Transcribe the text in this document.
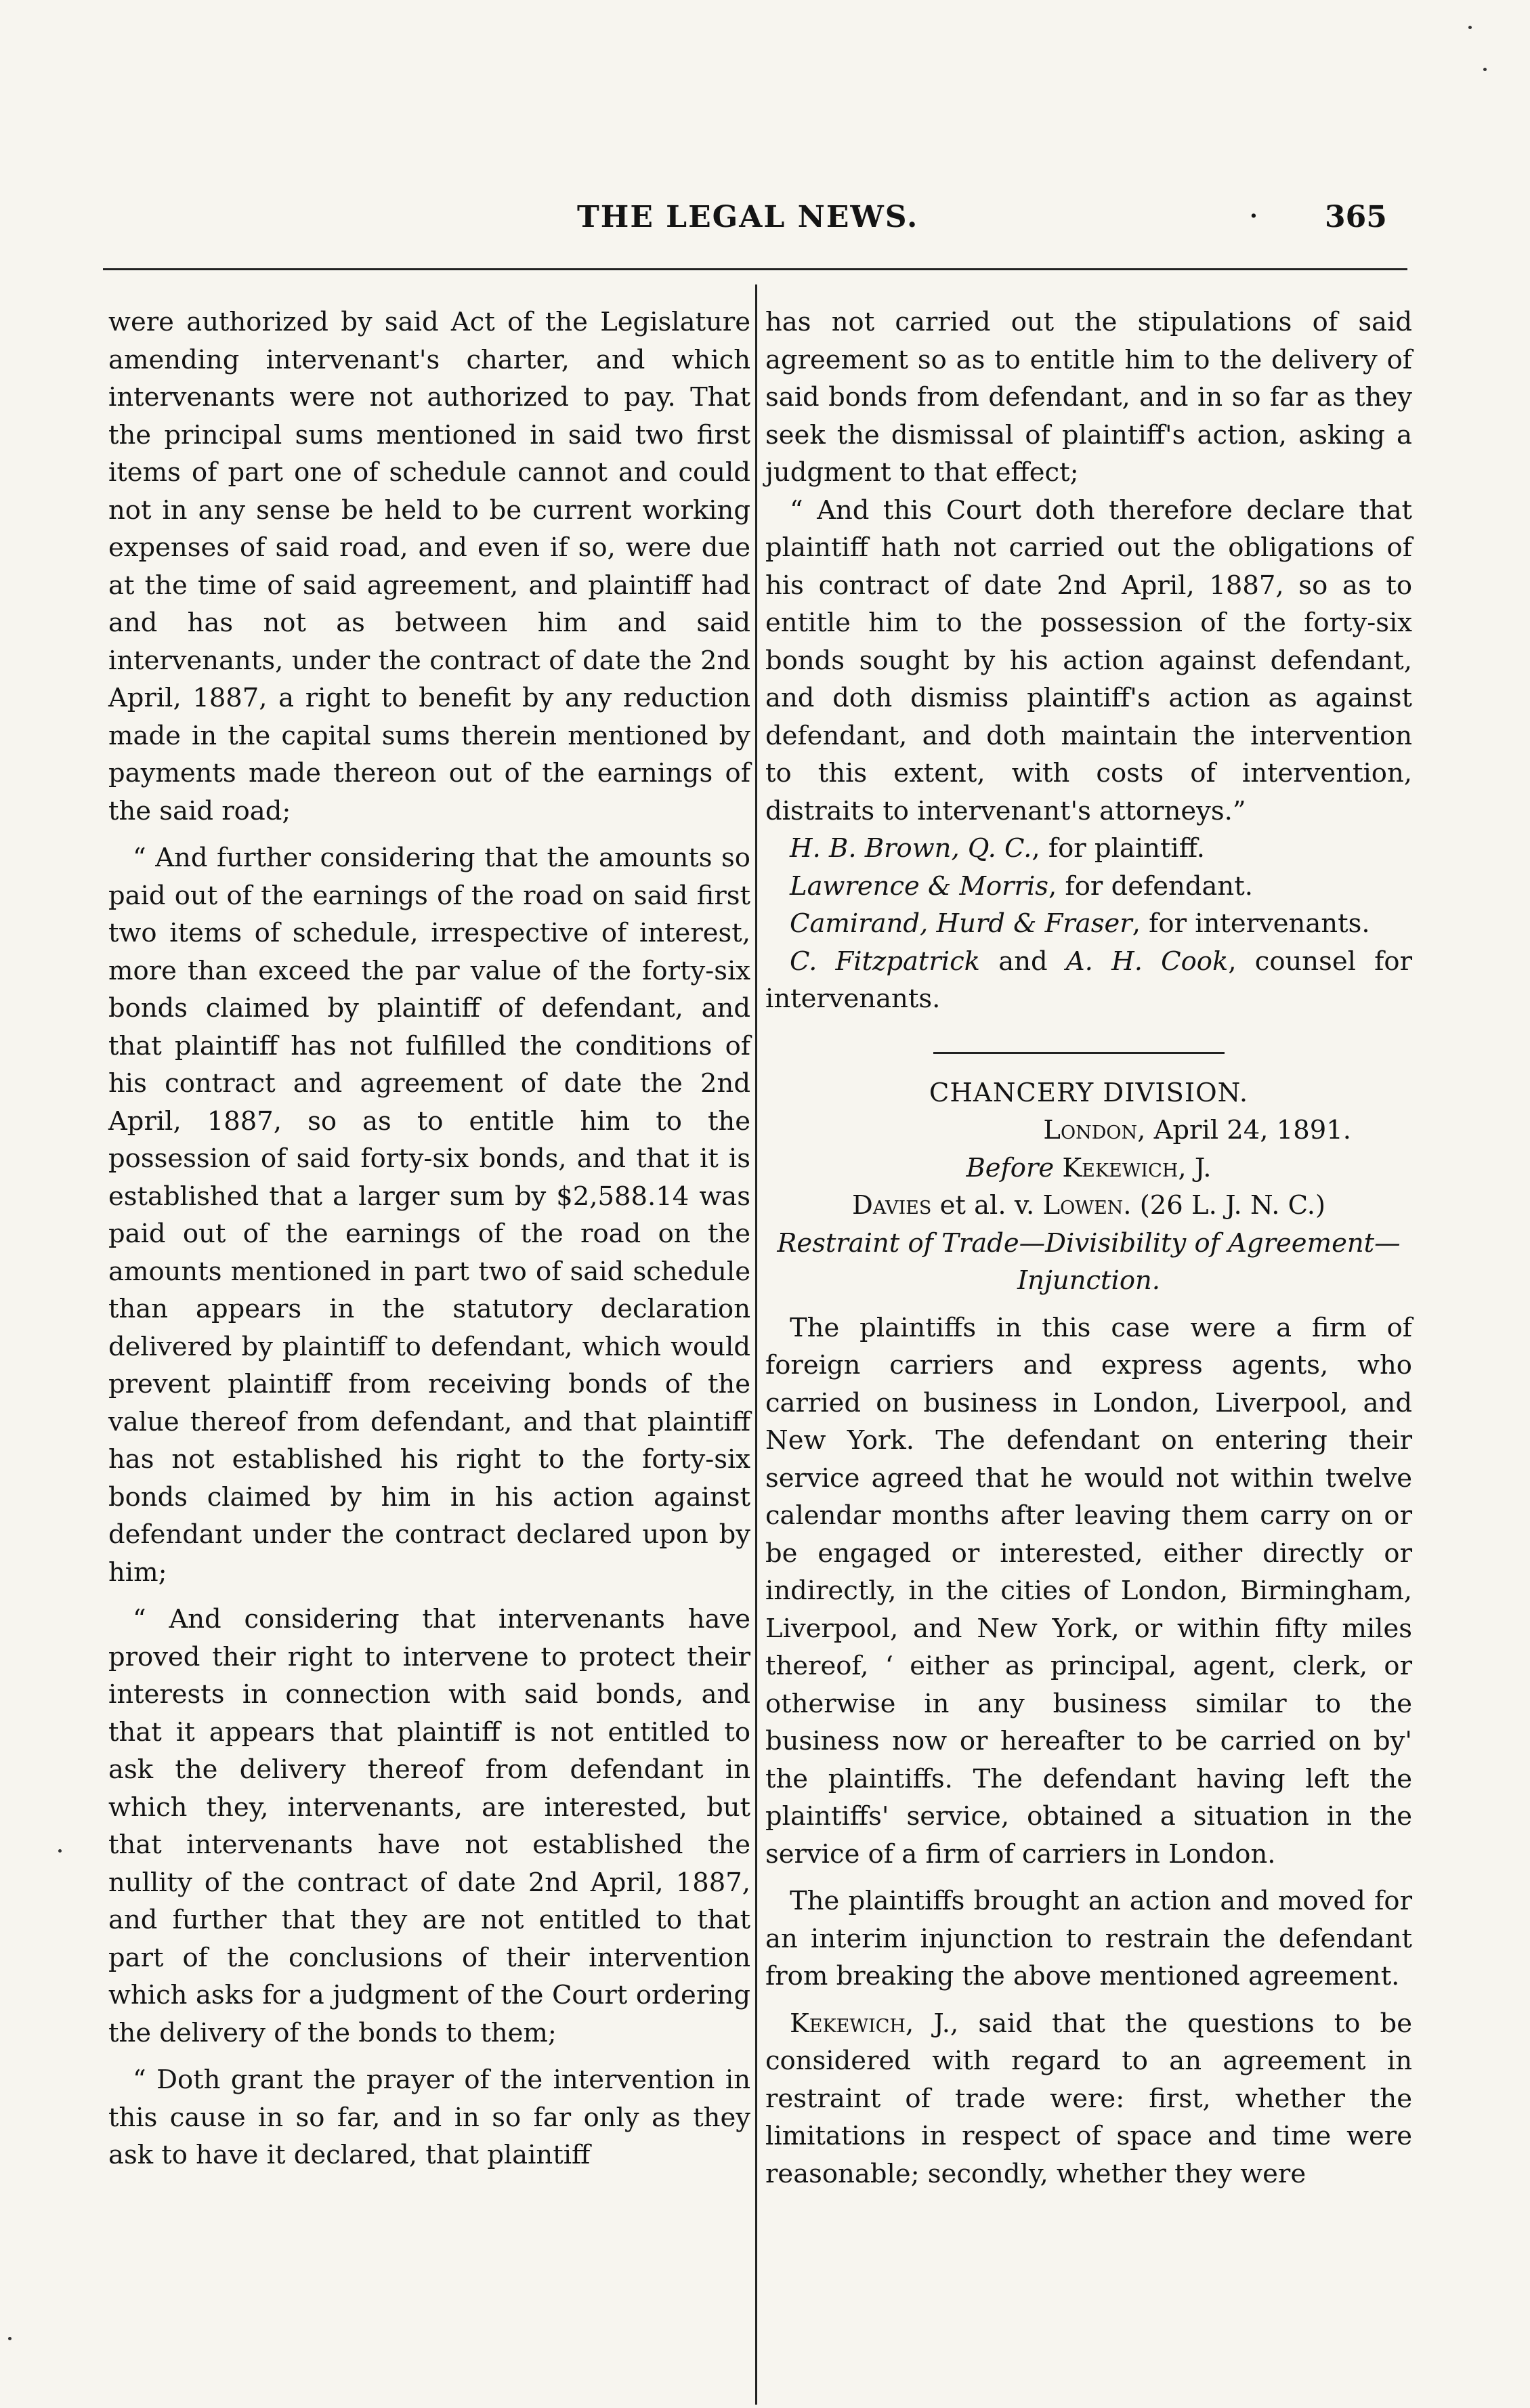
THE LEGAL NEWS.	· 365

were authorized by said Act of the Legislature amending intervenant's charter, and which intervenants were not authorized to pay. That the principal sums mentioned in said two first items of part one of schedule cannot and could not in any sense be held to be current working expenses of said road, and even if so, were due at the time of said agreement, and plaintiff had and has not as between him and said intervenants, under the contract of date the 2nd April, 1887, a right to benefit by any reduction made in the capital sums therein mentioned by payments made thereon out of the earnings of the said road;

“ And further considering that the amounts so paid out of the earnings of the road on said first two items of schedule, irrespective of interest, more than exceed the par value of the forty-six bonds claimed by plaintiff of defendant, and that plaintiff has not fulfilled the conditions of his contract and agreement of date the 2nd April, 1887, so as to entitle him to the possession of said forty-six bonds, and that it is established that a larger sum by $2,588.14 was paid out of the earnings of the road on the amounts mentioned in part two of said schedule than appears in the statutory declaration delivered by plaintiff to defendant, which would prevent plaintiff from receiving bonds of the value thereof from defendant, and that plaintiff has not established his right to the forty-six bonds claimed by him in his action against defendant under the contract declared upon by him;

“ And considering that intervenants have proved their right to intervene to protect their interests in connection with said bonds, and that it appears that plaintiff is not entitled to ask the delivery thereof from defendant in which they, intervenants, are interested, but that intervenants have not established the nullity of the contract of date 2nd April, 1887, and further that they are not entitled to that part of the conclusions of their intervention which asks for a judgment of the Court ordering the delivery of the bonds to them;

“ Doth grant the prayer of the intervention in this cause in so far, and in so far only as they ask to have it declared, that plaintiff

has not carried out the stipulations of said agreement so as to entitle him to the delivery of said bonds from defendant, and in so far as they seek the dismissal of plaintiff's action, asking a judgment to that effect;

“ And this Court doth therefore declare that plaintiff hath not carried out the obligations of his contract of date 2nd April, 1887, so as to entitle him to the possession of the forty-six bonds sought by his action against defendant, and doth dismiss plaintiff's action as against defendant, and doth maintain the intervention to this extent, with costs of intervention, distraits to intervenant's attorneys.”

H. B. Brown, Q. C., for plaintiff.

Lawrence & Morris, for defendant.

Camirand, Hurd & Fraser, for intervenants.

C. Fitzpatrick and A. H. Cook, counsel for intervenants.

CHANCERY DIVISION.

London, April 24, 1891.

Before Kekewich, J.

Davies et al. v. Lowen. (26 L. J. N. C.)

Restraint of Trade—Divisibility of Agreement—Injunction.

The plaintiffs in this case were a firm of foreign carriers and express agents, who carried on business in London, Liverpool, and New York. The defendant on entering their service agreed that he would not within twelve calendar months after leaving them carry on or be engaged or interested, either directly or indirectly, in the cities of London, Birmingham, Liverpool, and New York, or within fifty miles thereof, ‘ either as principal, agent, clerk, or otherwise in any business similar to the business now or hereafter to be carried on by' the plaintiffs. The defendant having left the plaintiffs' service, obtained a situation in the service of a firm of carriers in London.

The plaintiffs brought an action and moved for an interim injunction to restrain the defendant from breaking the above mentioned agreement.

Kekewich, J., said that the questions to be considered with regard to an agreement in restraint of trade were: first, whether the limitations in respect of space and time were reasonable; secondly, whether they were
